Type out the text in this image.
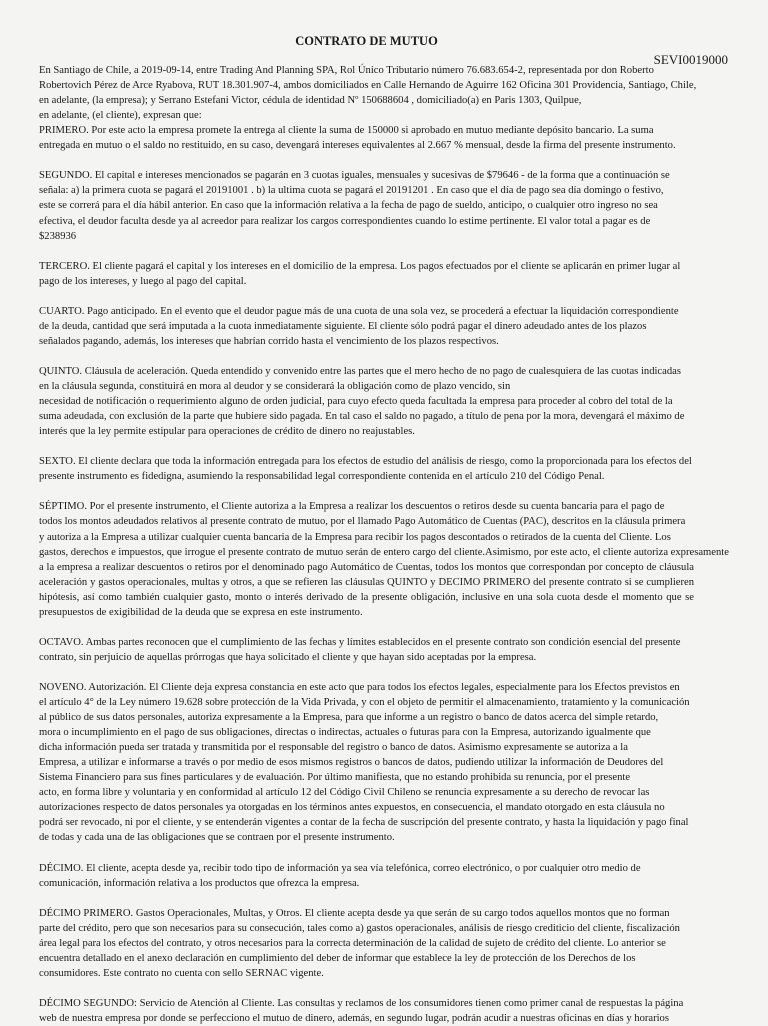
CONTRATO DE MUTUO
SEVI0019000
En Santiago de Chile, a 2019-09-14, entre Trading And Planning SPA, Rol Único Tributario número 76.683.654-2, representada por don Roberto
Robertovich Pérez de Arce Ryabova, RUT 18.301.907-4, ambos domiciliados en Calle Hernando de Aguirre 162 Oficina 301 Providencia, Santiago, Chile,
en adelante, (la empresa); y Serrano Estefani Victor, cédula de identidad Nº 150688604 , domiciliado(a) en Paris 1303, Quilpue,
en adelante, (el cliente), expresan que:
PRIMERO. Por este acto la empresa promete la entrega al cliente la suma de 150000 si aprobado en mutuo mediante depósito bancario. La suma
entregada en mutuo o el saldo no restituido, en su caso, devengará intereses equivalentes al 2.667 % mensual, desde la firma del presente instrumento.
SEGUNDO. El capital e intereses mencionados se pagarán en 3 cuotas iguales, mensuales y sucesivas de $79646 - de la forma que a continuación se
señala: a) la primera cuota se pagará el 20191001 . b) la ultima cuota se pagará el 20191201 . En caso que el día de pago sea día domingo o festivo,
este se correrá para el día hábil anterior. En caso que la información relativa a la fecha de pago de sueldo, anticipo, o cualquier otro ingreso no sea
efectiva, el deudor faculta desde ya al acreedor para realizar los cargos correspondientes cuando lo estime pertinente. El valor total a pagar es de
$238936
TERCERO. El cliente pagará el capital y los intereses en el domicilio de la empresa. Los pagos efectuados por el cliente se aplicarán en primer lugar al
pago de los intereses, y luego al pago del capital.
CUARTO. Pago anticipado. En el evento que el deudor pague más de una cuota de una sola vez, se procederá a efectuar la liquidación correspondiente
de la deuda, cantidad que será imputada a la cuota inmediatamente siguiente. El cliente sólo podrá pagar el dinero adeudado antes de los plazos
señalados pagando, además, los intereses que habrían corrido hasta el vencimiento de los plazos respectivos.
QUINTO. Cláusula de aceleración. Queda entendido y convenido entre las partes que el mero hecho de no pago de cualesquiera de las cuotas indicadas
en la cláusula segunda, constituirá en mora al deudor y se considerará la obligación como de plazo vencido, sin
necesidad de notificación o requerimiento alguno de orden judicial, para cuyo efecto queda facultada la empresa para proceder al cobro del total de la
suma adeudada, con exclusión de la parte que hubiere sido pagada. En tal caso el saldo no pagado, a título de pena por la mora, devengará el máximo de
interés que la ley permite estipular para operaciones de crédito de dinero no reajustables.
SEXTO. El cliente declara que toda la información entregada para los efectos de estudio del análisis de riesgo, como la proporcionada para los efectos del
presente instrumento es fidedigna, asumiendo la responsabilidad legal correspondiente contenida en el artículo 210 del Código Penal.
SÉPTIMO. Por el presente instrumento, el Cliente autoriza a la Empresa a realizar los descuentos o retiros desde su cuenta bancaria para el pago de
todos los montos adeudados relativos al presente contrato de mutuo, por el llamado Pago Automático de Cuentas (PAC), descritos en la cláusula primera
y autoriza a la Empresa a utilizar cualquier cuenta bancaria de la Empresa para recibir los pagos descontados o retirados de la cuenta del Cliente. Los
gastos, derechos e impuestos, que irrogue el presente contrato de mutuo serán de entero cargo del cliente.Asimismo, por este acto, el cliente autoriza expresamente
a la empresa a realizar descuentos o retiros por el denominado pago Automático de Cuentas, todos los montos que correspondan por concepto de cláusula
aceleración y gastos operacionales, multas y otros, a que se refieren las cláusulas QUINTO y DECIMO PRIMERO del presente contrato si se cumplieren
hipótesis, así como también cualquier gasto, monto o interés derivado de la presente obligación, inclusive en una sola cuota desde el momento que se
presupuestos de exigibilidad de la deuda que se expresa en este instrumento.
OCTAVO. Ambas partes reconocen que el cumplimiento de las fechas y límites establecidos en el presente contrato son condición esencial del presente
contrato, sin perjuicio de aquellas prórrogas que haya solicitado el cliente y que hayan sido aceptadas por la empresa.
NOVENO. Autorización. El Cliente deja expresa constancia en este acto que para todos los efectos legales, especialmente para los Efectos previstos en
el artículo 4° de la Ley número 19.628 sobre protección de la Vida Privada, y con el objeto de permitir el almacenamiento, tratamiento y la comunicación
al público de sus datos personales, autoriza expresamente a la Empresa, para que informe a un registro o banco de datos acerca del simple retardo,
mora o incumplimiento en el pago de sus obligaciones, directas o indirectas, actuales o futuras para con la Empresa, autorizando igualmente que
dicha información pueda ser tratada y transmitida por el responsable del registro o banco de datos. Asimismo expresamente se autoriza a la
Empresa, a utilizar e informarse a través o por medio de esos mismos registros o bancos de datos, pudiendo utilizar la información de Deudores del
Sistema Financiero para sus fines particulares y de evaluación. Por último manifiesta, que no estando prohibida su renuncia, por el presente
acto, en forma libre y voluntaria y en conformidad al artículo 12 del Código Civil Chileno se renuncia expresamente a su derecho de revocar las
autorizaciones respecto de datos personales ya otorgadas en los términos antes expuestos, en consecuencia, el mandato otorgado en esta cláusula no
podrá ser revocado, ni por el cliente, y se entenderán vigentes a contar de la fecha de suscripción del presente contrato, y hasta la liquidación y pago final
de todas y cada una de las obligaciones que se contraen por el presente instrumento.
DÉCIMO. El cliente, acepta desde ya, recibir todo tipo de información ya sea vía telefónica, correo electrónico, o por cualquier otro medio de
comunicación, información relativa a los productos que ofrezca la empresa.
DÉCIMO PRIMERO. Gastos Operacionales, Multas, y Otros. El cliente acepta desde ya que serán de su cargo todos aquellos montos que no forman
parte del crédito, pero que son necesarios para su consecución, tales como a) gastos operacionales, análisis de riesgo crediticio del cliente, fiscalización
área legal para los efectos del contrato, y otros necesarios para la correcta determinación de la calidad de sujeto de crédito del cliente. Lo anterior se
encuentra detallado en el anexo declaración en cumplimiento del deber de informar que establece la ley de protección de los Derechos de los
consumidores. Este contrato no cuenta con sello SERNAC vigente.
DÉCIMO SEGUNDO: Servicio de Atención al Cliente. Las consultas y reclamos de los consumidores tienen como primer canal de respuestas la página
web de nuestra empresa por donde se perfecciono el mutuo de dinero, además, en segundo lugar, podrán acudir a nuestras oficinas en días y horarios
